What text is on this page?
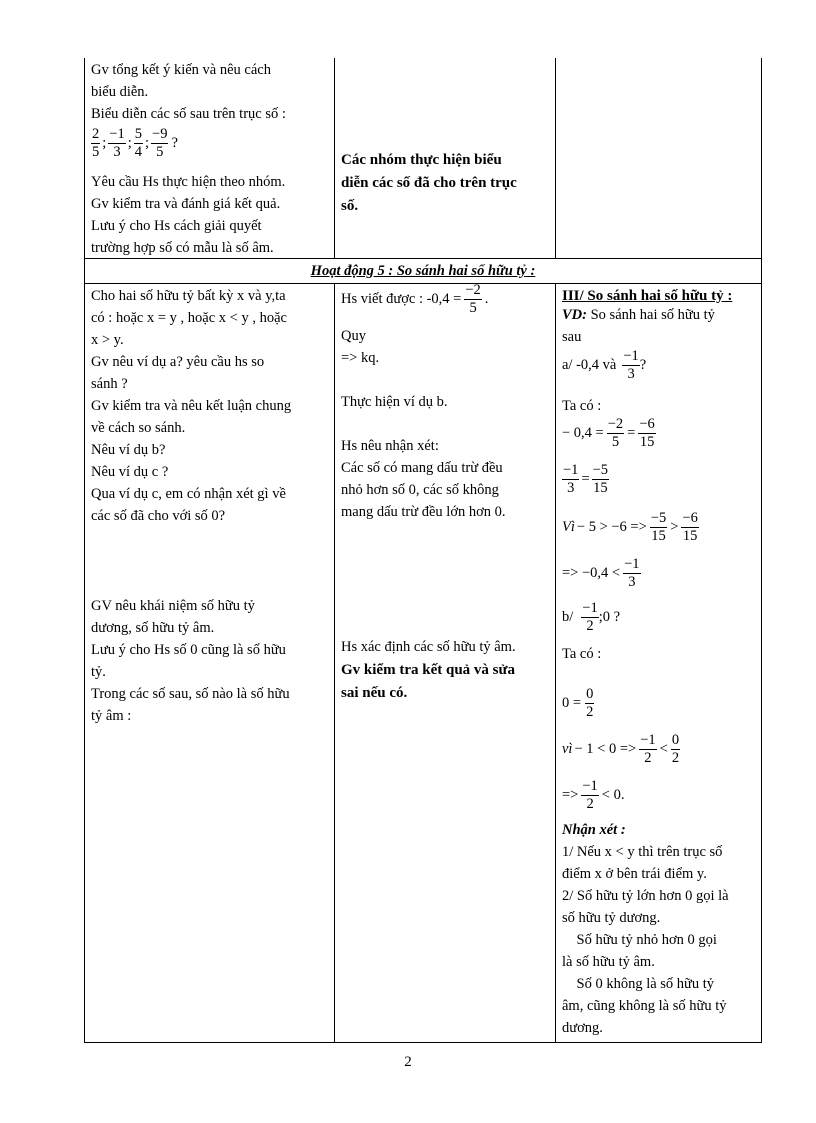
Gv tổng kết ý kiến và nêu cách
biểu diễn.
Biểu diễn các số sau trên trục số :
2
5
;
−1
3
;
5
4
;
−9
5
?
Yêu cầu Hs thực hiện theo nhóm.
Gv kiểm tra và đánh giá kết quả.
Lưu ý cho Hs cách giải quyết
trường hợp số có mẫu là số âm.
Các nhóm thực hiện biểu
diễn các số đã cho trên trục
số.
Hoạt động 5 : So sánh hai số hữu tỷ :
Cho hai số hữu tỷ bất kỳ x và y,ta
có : hoặc x = y , hoặc x < y , hoặc
x > y.
Gv nêu ví dụ a? yêu cầu hs so
sánh ?
Gv kiểm tra và nêu kết luận chung
về cách so sánh.
Nêu ví dụ b?
Nêu ví dụ c ?
Qua ví dụ c, em có nhận xét gì về
các số đã cho với số 0?
GV nêu khái niệm số hữu tỷ
dương, số hữu tỷ âm.
Lưu ý cho Hs số 0 cũng là số hữu
tỷ.
Trong các số sau, số nào là số hữu
tỷ âm :
Hs viết được : -0,4 =
−2
5
.
Quy
=> kq.
Thực hiện ví dụ b.
Hs nêu nhận xét:
Các số có mang dấu trừ đều
nhỏ hơn số 0, các số không
mang dấu trừ đều lớn hơn 0.
Hs xác định các số hữu tỷ âm.
Gv kiểm tra kết quả và sửa
sai nếu có.
III/ So sánh hai số hữu tỷ :
VD: So sánh hai số hữu tỷ
sau
a/ -0,4 và
−1
3
?
Ta có :
− 0,4 =
−2
5
=
−6
15
−1
3
=
−5
15
Vì − 5 > −6 =>
−5
15
>
−6
15
=> −0,4 <
−1
3
b/
−1
2
;0 ?
Ta có :
0 =
0
2
vì − 1 < 0 =>
−1
2
<
0
2
=>
−1
2
< 0.
Nhận xét :
1/ Nếu x < y thì trên trục số
điểm x ở bên trái điểm y.
2/ Số hữu tỷ lớn hơn 0 gọi là
số hữu tỷ dương.
Số hữu tỷ nhỏ hơn 0 gọi
là số hữu tỷ âm.
Số 0 không là số hữu tỷ
âm, cũng không là số hữu tỷ
dương.
2
